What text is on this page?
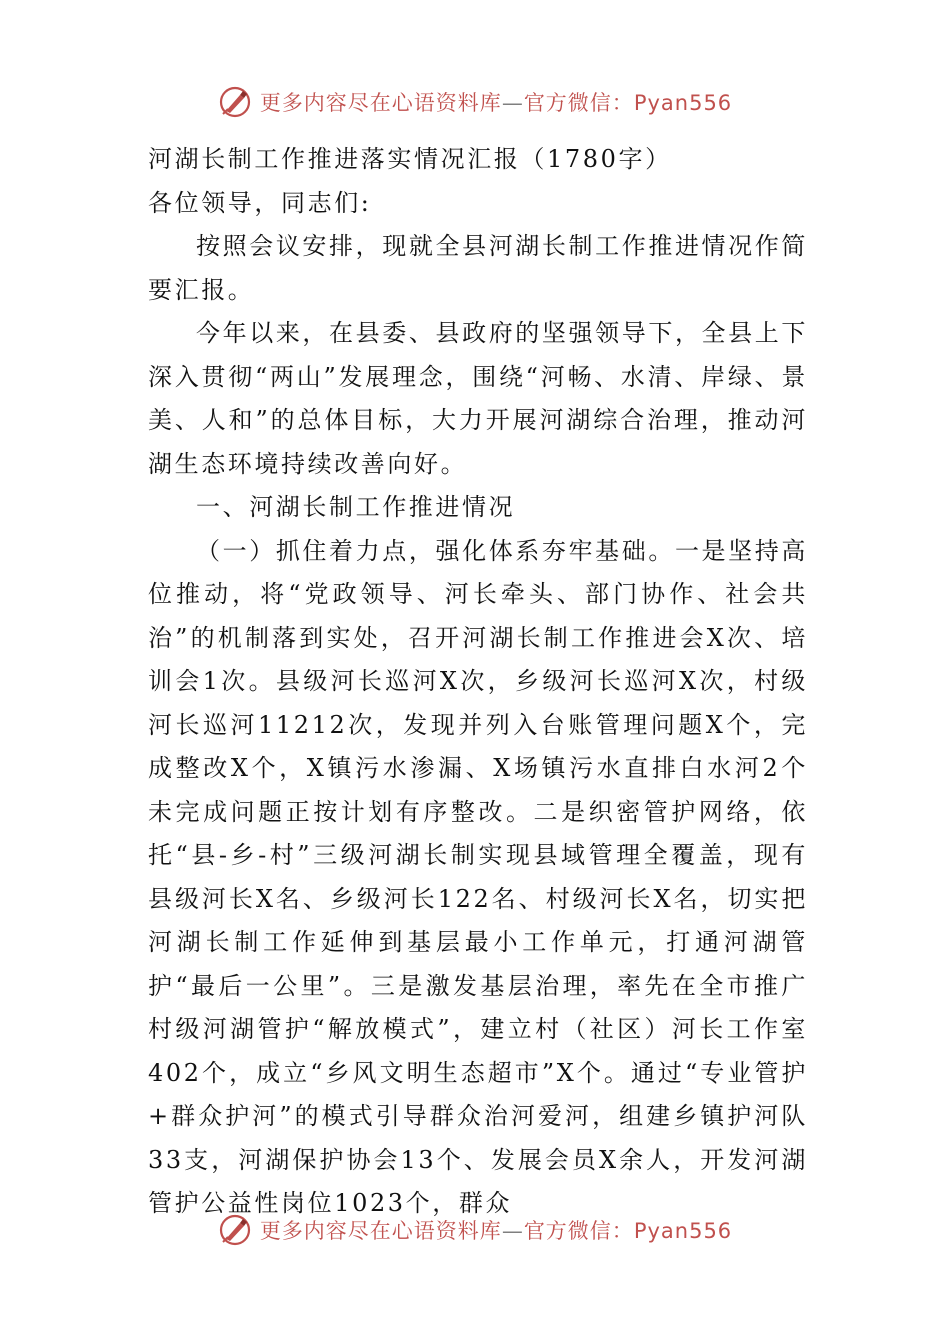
更多内容尽在心语资料库—官方微信：Pyan556

河湖长制工作推进落实情况汇报（1780字）

各位领导，同志们:

按照会议安排，现就全县河湖长制工作推进情况作简要汇报。

今年以来，在县委、县政府的坚强领导下，全县上下深入贯彻“两山”发展理念，围绕“河畅、水清、岸绿、景美、人和”的总体目标，大力开展河湖综合治理，推动河湖生态环境持续改善向好。

一、河湖长制工作推进情况

（一）抓住着力点，强化体系夯牢基础。一是坚持高位推动，将“党政领导、河长牵头、部门协作、社会共治”的机制落到实处，召开河湖长制工作推进会X次、培训会1次。县级河长巡河X次，乡级河长巡河X次，村级河长巡河11212次，发现并列入台账管理问题X个，完成整改X个，X镇污水渗漏、X场镇污水直排白水河2个未完成问题正按计划有序整改。二是织密管护网络，依托“县-乡-村”三级河湖长制实现县域管理全覆盖，现有县级河长X名、乡级河长122名、村级河长X名，切实把河湖长制工作延伸到基层最小工作单元，打通河湖管护“最后一公里”。三是激发基层治理，率先在全市推广村级河湖管护“解放模式”，建立村（社区）河长工作室402个，成立“乡风文明生态超市”X个。通过“专业管护+群众护河”的模式引导群众治河爱河，组建乡镇护河队33支，河湖保护协会13个、发展会员X余人，开发河湖管护公益性岗位1023个，群众

更多内容尽在心语资料库—官方微信：Pyan556
